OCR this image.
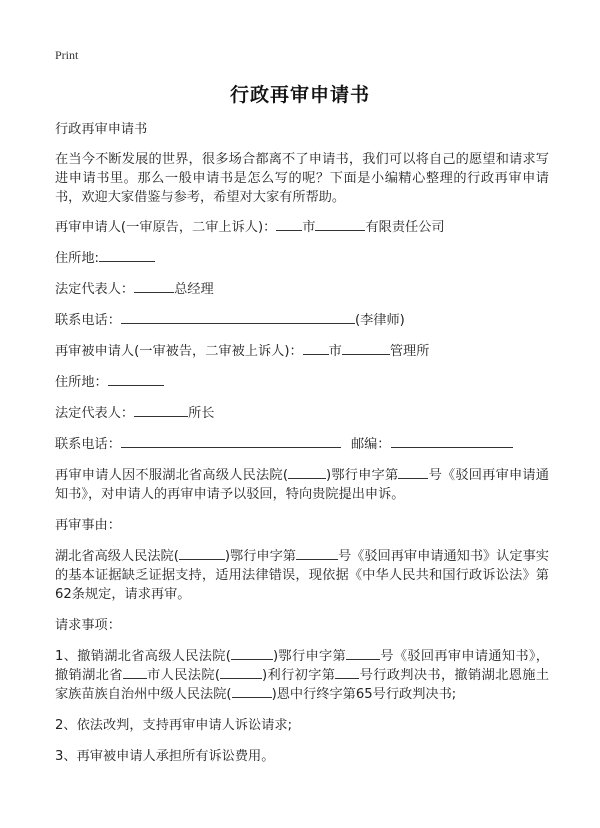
Print
行政再审申请书

行政再审申请书

在当今不断发展的世界，很多场合都离不了申请书，我们可以将自己的愿望和请求写进申请书里。那么一般申请书是怎么写的呢？下面是小编精心整理的行政再审申请书，欢迎大家借鉴与参考，希望对大家有所帮助。

再审申请人(一审原告，二审上诉人)： 市	有限责任公司

住所地:

法定代表人：	总经理

联系电话：	(李律师)

再审被申请人(一审被告，二审被上诉人)： 市	管理所

住所地：

法定代表人：	所长

联系电话：	邮编：

再审申请人因不服湖北省高级人民法院(	)鄂行申字第 号《驳回再审申请通知书》，对申请人的再审申请予以驳回，特向贵院提出申诉。

再审事由：

湖北省高级人民法院(	)鄂行申字第	号《驳回再审申请通知书》认定事实的基本证据缺乏证据支持，适用法律错误，现依据《中华人民共和国行政诉讼法》第62条规定，请求再审。

请求事项：

1、撤销湖北省高级人民法院(	)鄂行申字第	号《驳回再审申请通知书》，撤销湖北省 市人民法院(	)利行初字第 号行政判决书，撤销湖北恩施土家族苗族自治州中级人民法院(	)恩中行终字第65号行政判决书;

2、依法改判，支持再审申请人诉讼请求;

3、再审被申请人承担所有诉讼费用。
